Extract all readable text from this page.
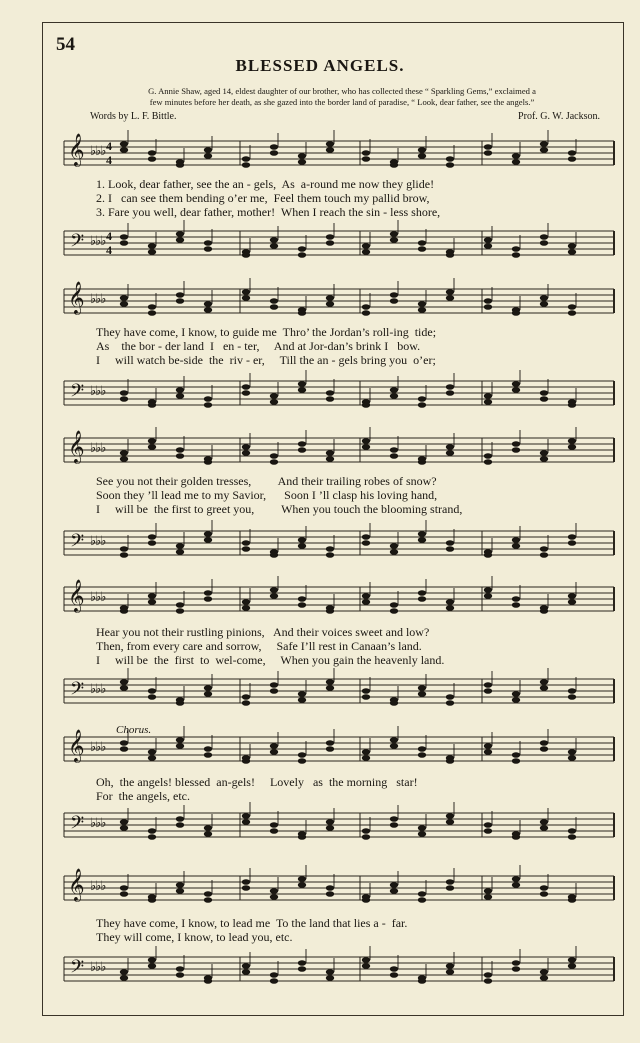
54
BLESSED ANGELS.
G. Annie Shaw, aged 14, eldest daughter of our brother, who has collected these “ Sparkling Gems,” exclaimed a
few minutes before her death, as she gazed into the border land of paradise, “ Look, dear father, see the angels.”
Words by L. F. Bittle.	Prof. G. W. Jackson.
𝄞 ♭♭♭ 4
4
1. Look, dear father, see the an - gels,  As  a-round me now they glide!
2. I   can see them bending o’er me,  Feel them touch my pallid brow,
3. Fare you well, dear father, mother!  When I reach the sin - less shore,
𝄢 ♭♭♭ 4
4
𝄞 ♭♭♭
They have come, I know, to guide me  Thro’ the Jordan’s roll-ing  tide;
As    the bor - der land  I   en - ter,     And at Jor-dan’s brink I   bow.
I     will watch be-side  the  riv - er,     Till the an - gels bring you  o’er;
𝄢 ♭♭♭
𝄞 ♭♭♭
See you not their golden tresses,         And their trailing robes of snow?
Soon they ’ll lead me to my Savior,      Soon I ’ll clasp his loving hand,
I     will be  the first to greet you,         When you touch the blooming strand,
𝄢 ♭♭♭
𝄞 ♭♭♭
Hear you not their rustling pinions,   And their voices sweet and low?
Then, from every care and sorrow,     Safe I’ll rest in Canaan’s land.
I     will be  the  first  to  wel-come,     When you gain the heavenly land.
𝄢 ♭♭♭
Chorus.
𝄞 ♭♭♭
Oh,  the angels! blessed  an-gels!     Lovely   as  the morning   star!
For  the angels, etc.
𝄢 ♭♭♭
𝄞 ♭♭♭
They have come, I know, to lead me  To the land that lies a -  far.
They will come, I know, to lead you, etc.
𝄢 ♭♭♭
